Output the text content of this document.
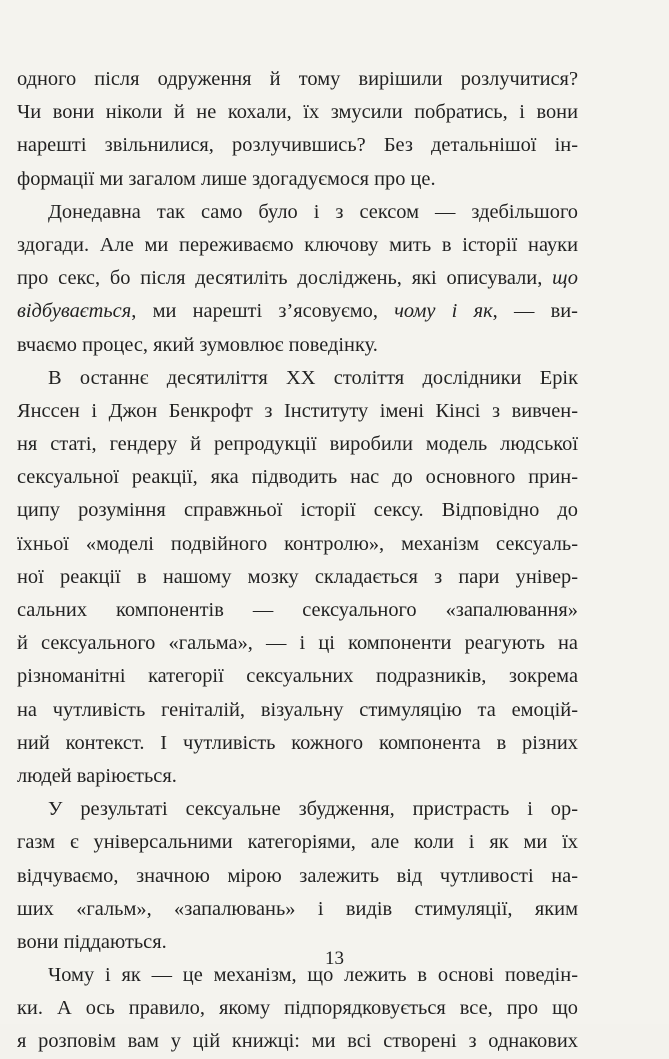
одного після одруження й тому вирішили розлучитися?
Чи вони ніколи й не кохали, їх змусили побратись, і вони
нарешті звільнилися, розлучившись? Без детальнішої ін-
формації ми загалом лише здогадуємося про це.
Донедавна так само було і з сексом — здебільшого
здогади. Але ми переживаємо ключову мить в історії науки
про секс, бо після десятиліть досліджень, які описували, що
відбувається, ми нарешті з’ясовуємо, чому і як, — ви-
вчаємо процес, який зумовлює поведінку.
В останнє десятиліття XX століття дослідники Ерік
Янссен і Джон Бенкрофт з Інституту імені Кінсі з вивчен-
ня статі, гендеру й репродукції виробили модель людської
сексуальної реакції, яка підводить нас до основного прин-
ципу розуміння справжньої історії сексу. Відповідно до
їхньої «моделі подвійного контролю», механізм сексуаль-
ної реакції в нашому мозку складається з пари універ-
сальних компонентів — сексуального «запалювання»
й сексуального «гальма», — і ці компоненти реагують на
різноманітні категорії сексуальних подразників, зокрема
на чутливість геніталій, візуальну стимуляцію та емоцій-
ний контекст. І чутливість кожного компонента в різних
людей варіюється.
У результаті сексуальне збудження, пристрасть і ор-
газм є універсальними категоріями, але коли і як ми їх
відчуваємо, значною мірою залежить від чутливості на-
ших «гальм», «запалювань» і видів стимуляції, яким
вони піддаються.
Чому і як — це механізм, що лежить в основі поведін-
ки. А ось правило, якому підпорядковується все, про що
я розповім вам у цій книжці: ми всі створені з однакових
13
